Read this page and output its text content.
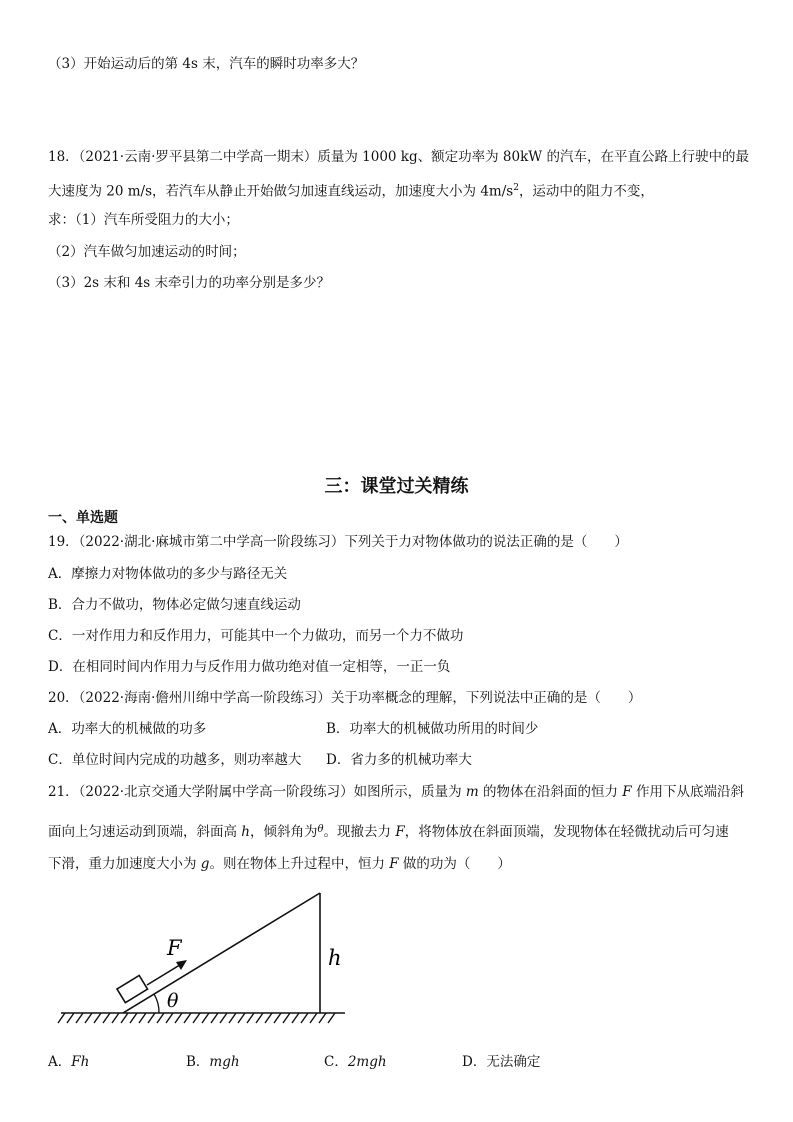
（3）开始运动后的第 4s 末，汽车的瞬时功率多大？
18．（2021·云南·罗平县第二中学高一期末）质量为 1000 kg、额定功率为 80kW 的汽车，在平直公路上行驶中的最
大速度为 20 m/s，若汽车从静止开始做匀加速直线运动，加速度大小为 $4m/s^2$，运动中的阻力不变，
求：（1）汽车所受阻力的大小；
（2）汽车做匀加速运动的时间；
（3）2s 末和 4s 末牵引力的功率分别是多少？
三：课堂过关精练
一、单选题
19．（2022·湖北·麻城市第二中学高一阶段练习）下列关于力对物体做功的说法正确的是（　　）
A．摩擦力对物体做功的多少与路径无关
B．合力不做功，物体必定做匀速直线运动
C．一对作用力和反作用力，可能其中一个力做功，而另一个力不做功
D．在相同时间内作用力与反作用力做功绝对值一定相等，一正一负
20．（2022·海南·儋州川绵中学高一阶段练习）关于功率概念的理解，下列说法中正确的是（　　）
A．功率大的机械做的功多	B．功率大的机械做功所用的时间少
C．单位时间内完成的功越多，则功率越大 D．省力多的机械功率大
21．（2022·北京交通大学附属中学高一阶段练习）如图所示，质量为 m 的物体在沿斜面的恒力 F 作用下从底端沿斜
面向上匀速运动到顶端，斜面高 h，倾斜角为$^\theta$。现撤去力 F，将物体放在斜面顶端，发现物体在轻微扰动后可匀速
下滑，重力加速度大小为 g。则在物体上升过程中，恒力 F 做的功为（　　）
F
θ
h
A．Fh	B．mgh	C．2mgh	D．无法确定
